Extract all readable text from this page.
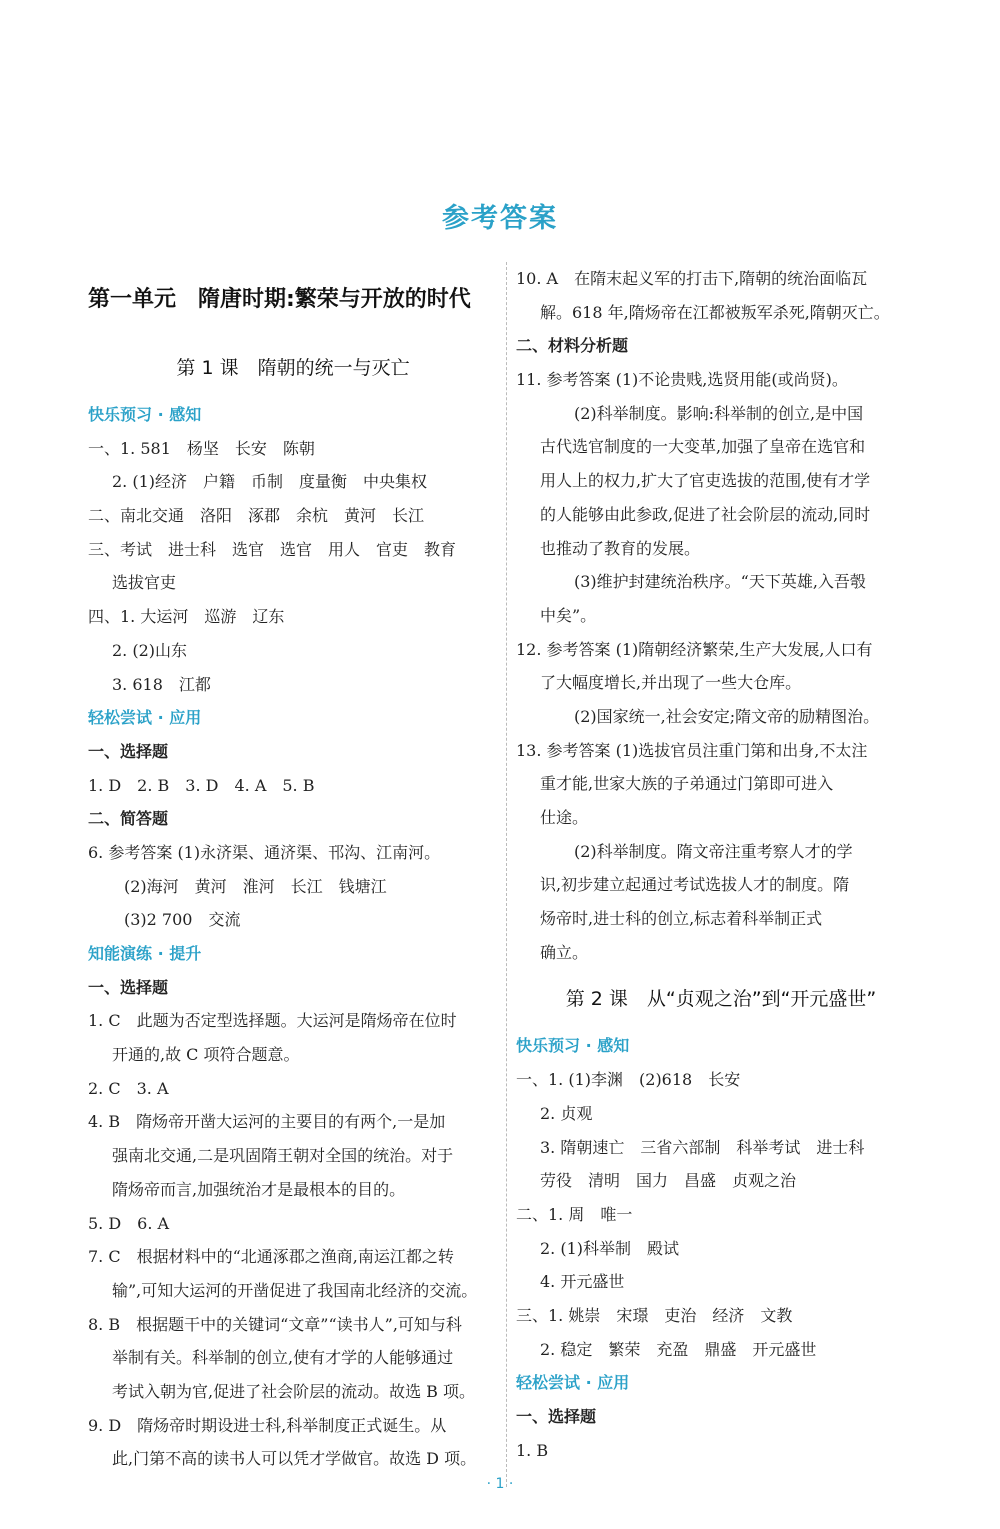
参考答案
第一单元　隋唐时期:繁荣与开放的时代
第 1 课　隋朝的统一与灭亡
快乐预习 · 感知
一、1. 581　杨坚　长安　陈朝
2. (1)经济　户籍　币制　度量衡　中央集权
二、南北交通　洛阳　涿郡　余杭　黄河　长江
三、考试　进士科　选官　选官　用人　官吏　教育
选拔官吏
四、1. 大运河　巡游　辽东
2. (2)山东
3. 618　江都
轻松尝试 · 应用
一、选择题
1. D　2. B　3. D　4. A　5. B
二、简答题
6. 参考答案 (1)永济渠、通济渠、邗沟、江南河。
(2)海河　黄河　淮河　长江　钱塘江
(3)2 700　交流
知能演练 · 提升
一、选择题
1. C　此题为否定型选择题。大运河是隋炀帝在位时
开通的,故 C 项符合题意。
2. C　3. A
4. B　隋炀帝开凿大运河的主要目的有两个,一是加
强南北交通,二是巩固隋王朝对全国的统治。对于
隋炀帝而言,加强统治才是最根本的目的。
5. D　6. A
7. C　根据材料中的“北通涿郡之渔商,南运江都之转
输”,可知大运河的开凿促进了我国南北经济的交流。
8. B　根据题干中的关键词“文章”“读书人”,可知与科
举制有关。科举制的创立,使有才学的人能够通过
考试入朝为官,促进了社会阶层的流动。故选 B 项。
9. D　隋炀帝时期设进士科,科举制度正式诞生。从
此,门第不高的读书人可以凭才学做官。故选 D 项。
10. A　在隋末起义军的打击下,隋朝的统治面临瓦
解。618 年,隋炀帝在江都被叛军杀死,隋朝灭亡。
二、材料分析题
11. 参考答案 (1)不论贵贱,选贤用能(或尚贤)。
(2)科举制度。影响:科举制的创立,是中国
古代选官制度的一大变革,加强了皇帝在选官和
用人上的权力,扩大了官吏选拔的范围,使有才学
的人能够由此参政,促进了社会阶层的流动,同时
也推动了教育的发展。
(3)维护封建统治秩序。“天下英雄,入吾彀
中矣”。
12. 参考答案 (1)隋朝经济繁荣,生产大发展,人口有
了大幅度增长,并出现了一些大仓库。
(2)国家统一,社会安定;隋文帝的励精图治。
13. 参考答案 (1)选拔官员注重门第和出身,不太注
重才能,世家大族的子弟通过门第即可进入
仕途。
(2)科举制度。隋文帝注重考察人才的学
识,初步建立起通过考试选拔人才的制度。隋
炀帝时,进士科的创立,标志着科举制正式
确立。
第 2 课　从“贞观之治”到“开元盛世”
快乐预习 · 感知
一、1. (1)李渊　(2)618　长安
2. 贞观
3. 隋朝速亡　三省六部制　科举考试　进士科
劳役　清明　国力　昌盛　贞观之治
二、1. 周　唯一
2. (1)科举制　殿试
4. 开元盛世
三、1. 姚崇　宋璟　吏治　经济　文教
2. 稳定　繁荣　充盈　鼎盛　开元盛世
轻松尝试 · 应用
一、选择题
1. B
· 1 ·
